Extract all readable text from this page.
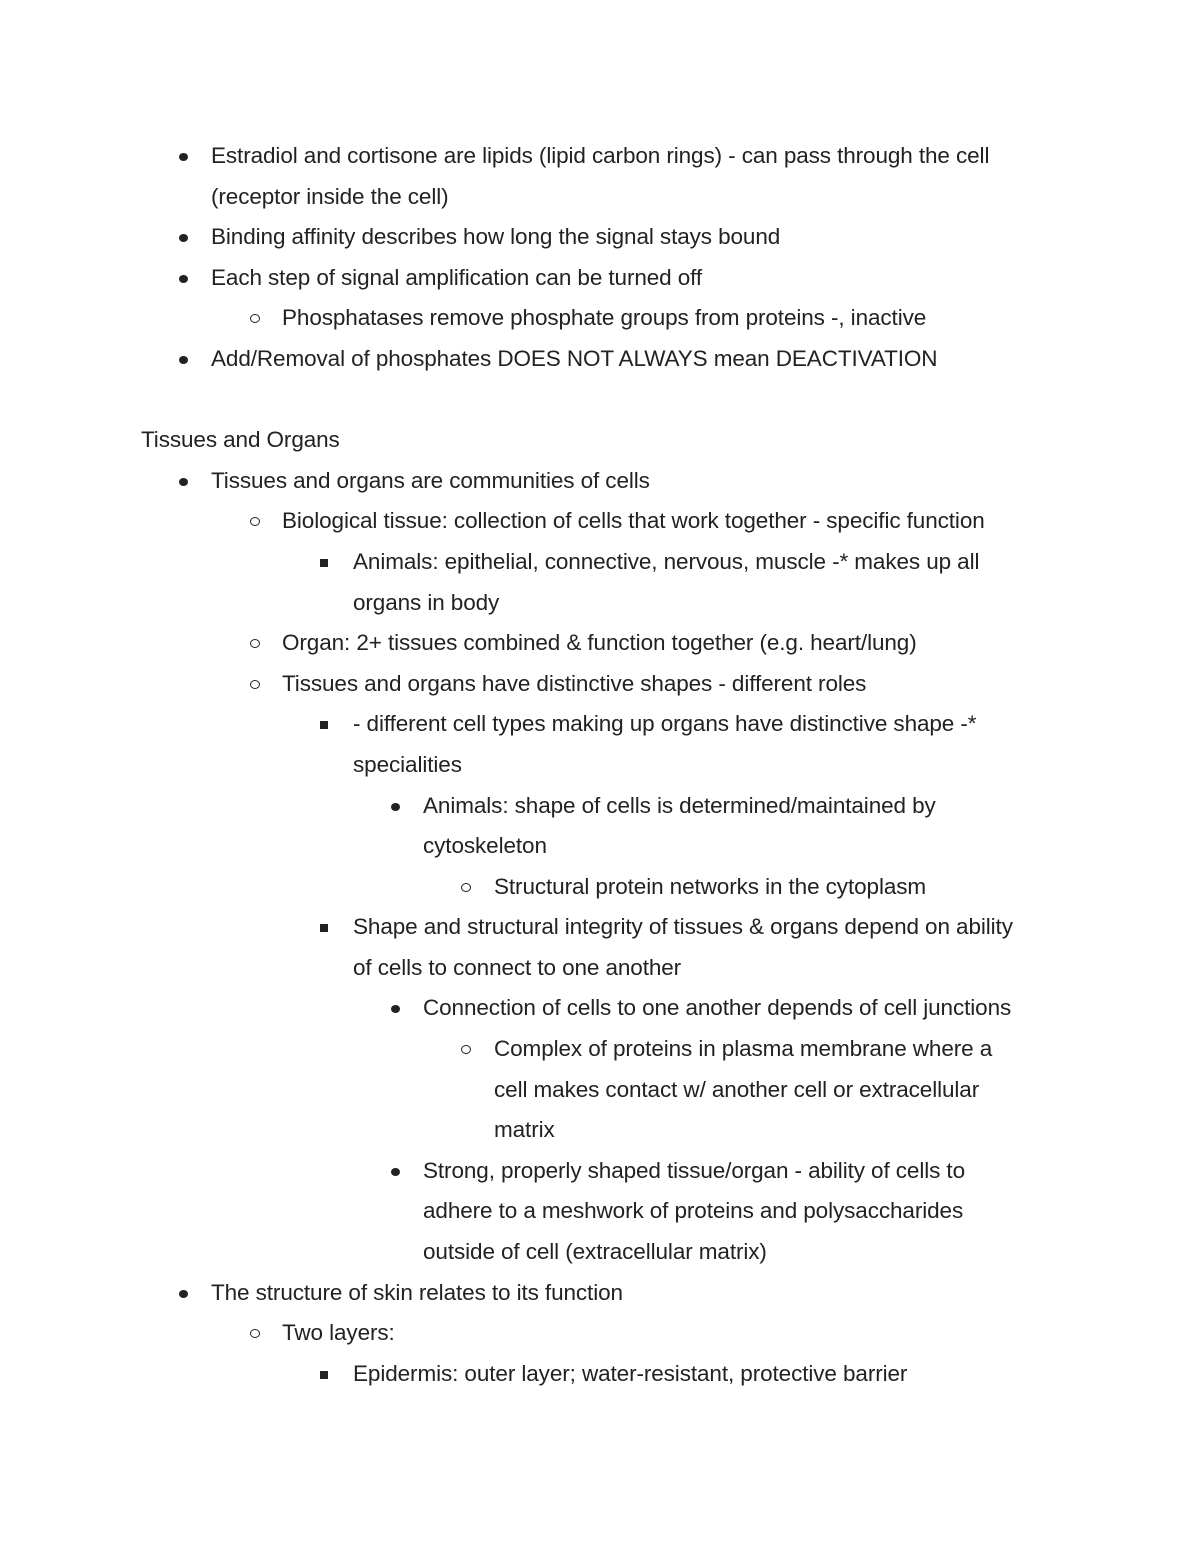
Estradiol and cortisone are lipids (lipid carbon rings) - can pass through the cell
(receptor inside the cell)
Binding affinity describes how long the signal stays bound
Each step of signal amplification can be turned off
Phosphatases remove phosphate groups from proteins -, inactive
Add/Removal of phosphates DOES NOT ALWAYS mean DEACTIVATION
Tissues and Organs
Tissues and organs are communities of cells
Biological tissue: collection of cells that work together - specific function
Animals: epithelial, connective, nervous, muscle -* makes up all
organs in body
Organ: 2+ tissues combined & function together (e.g. heart/lung)
Tissues and organs have distinctive shapes - different roles
- different cell types making up organs have distinctive shape -*
specialities
Animals: shape of cells is determined/maintained by
cytoskeleton
Structural protein networks in the cytoplasm
Shape and structural integrity of tissues & organs depend on ability
of cells to connect to one another
Connection of cells to one another depends of cell junctions
Complex of proteins in plasma membrane where a
cell makes contact w/ another cell or extracellular
matrix
Strong, properly shaped tissue/organ - ability of cells to
adhere to a meshwork of proteins and polysaccharides
outside of cell (extracellular matrix)
The structure of skin relates to its function
Two layers:
Epidermis: outer layer; water-resistant, protective barrier
